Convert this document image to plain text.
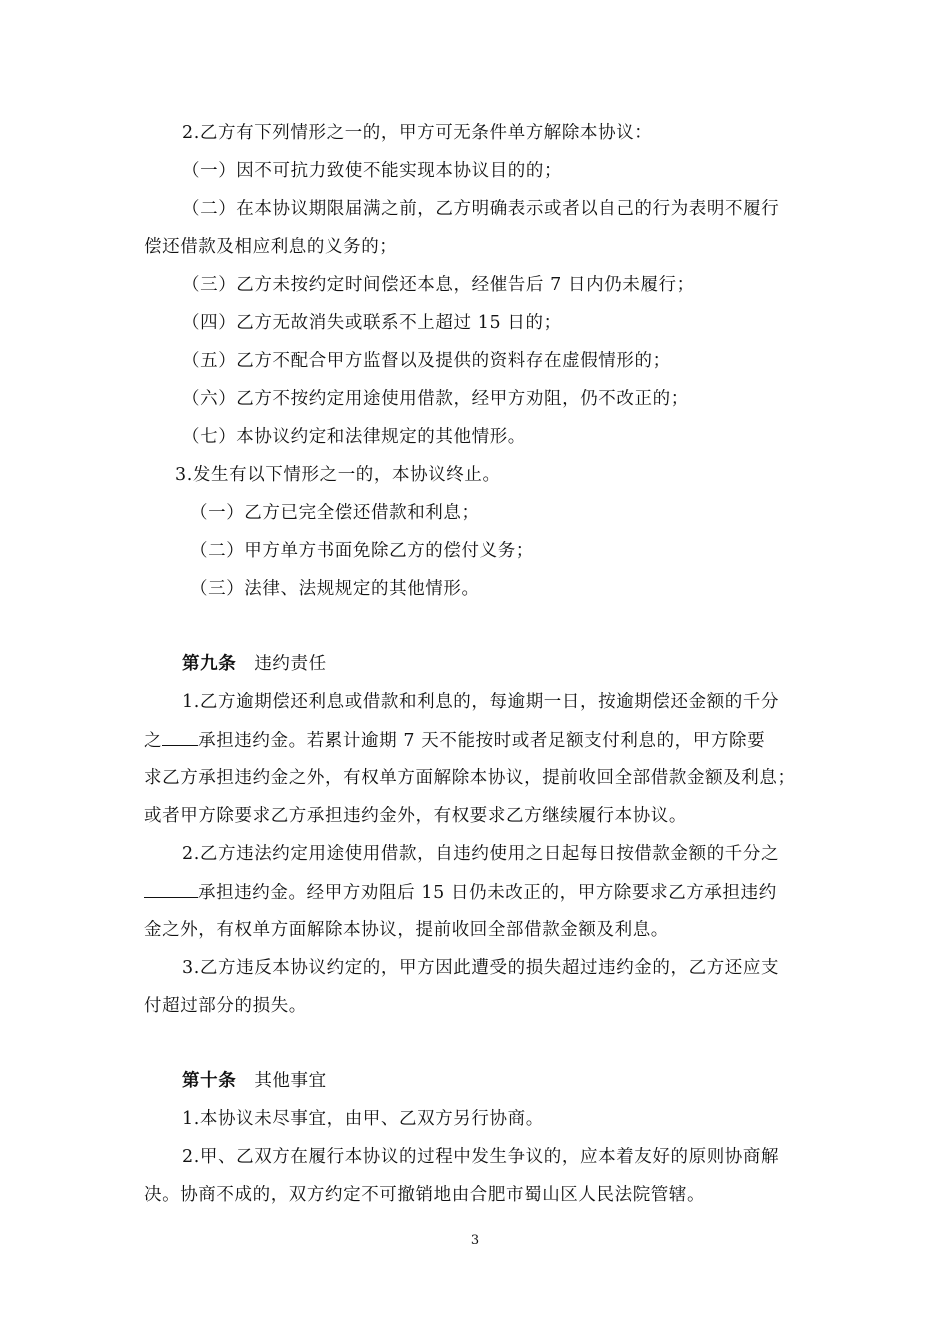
2.乙方有下列情形之一的，甲方可无条件单方解除本协议：
（一）因不可抗力致使不能实现本协议目的的；
（二）在本协议期限届满之前，乙方明确表示或者以自己的行为表明不履行
偿还借款及相应利息的义务的；
（三）乙方未按约定时间偿还本息，经催告后 7 日内仍未履行；
（四）乙方无故消失或联系不上超过 15 日的；
（五）乙方不配合甲方监督以及提供的资料存在虚假情形的；
（六）乙方不按约定用途使用借款，经甲方劝阻，仍不改正的；
（七）本协议约定和法律规定的其他情形。
3.发生有以下情形之一的，本协议终止。
（一）乙方已完全偿还借款和利息；
（二）甲方单方书面免除乙方的偿付义务；
（三）法律、法规规定的其他情形。
第九条 违约责任
1.乙方逾期偿还利息或借款和利息的，每逾期一日，按逾期偿还金额的千分
之 承担违约金。若累计逾期 7 天不能按时或者足额支付利息的，甲方除要
求乙方承担违约金之外，有权单方面解除本协议，提前收回全部借款金额及利息；
或者甲方除要求乙方承担违约金外，有权要求乙方继续履行本协议。
2.乙方违法约定用途使用借款，自违约使用之日起每日按借款金额的千分之
承担违约金。经甲方劝阻后 15 日仍未改正的，甲方除要求乙方承担违约
金之外，有权单方面解除本协议，提前收回全部借款金额及利息。
3.乙方违反本协议约定的，甲方因此遭受的损失超过违约金的，乙方还应支
付超过部分的损失。
第十条 其他事宜
1.本协议未尽事宜，由甲、乙双方另行协商。
2.甲、乙双方在履行本协议的过程中发生争议的，应本着友好的原则协商解
决。协商不成的，双方约定不可撤销地由合肥市蜀山区人民法院管辖。
3
